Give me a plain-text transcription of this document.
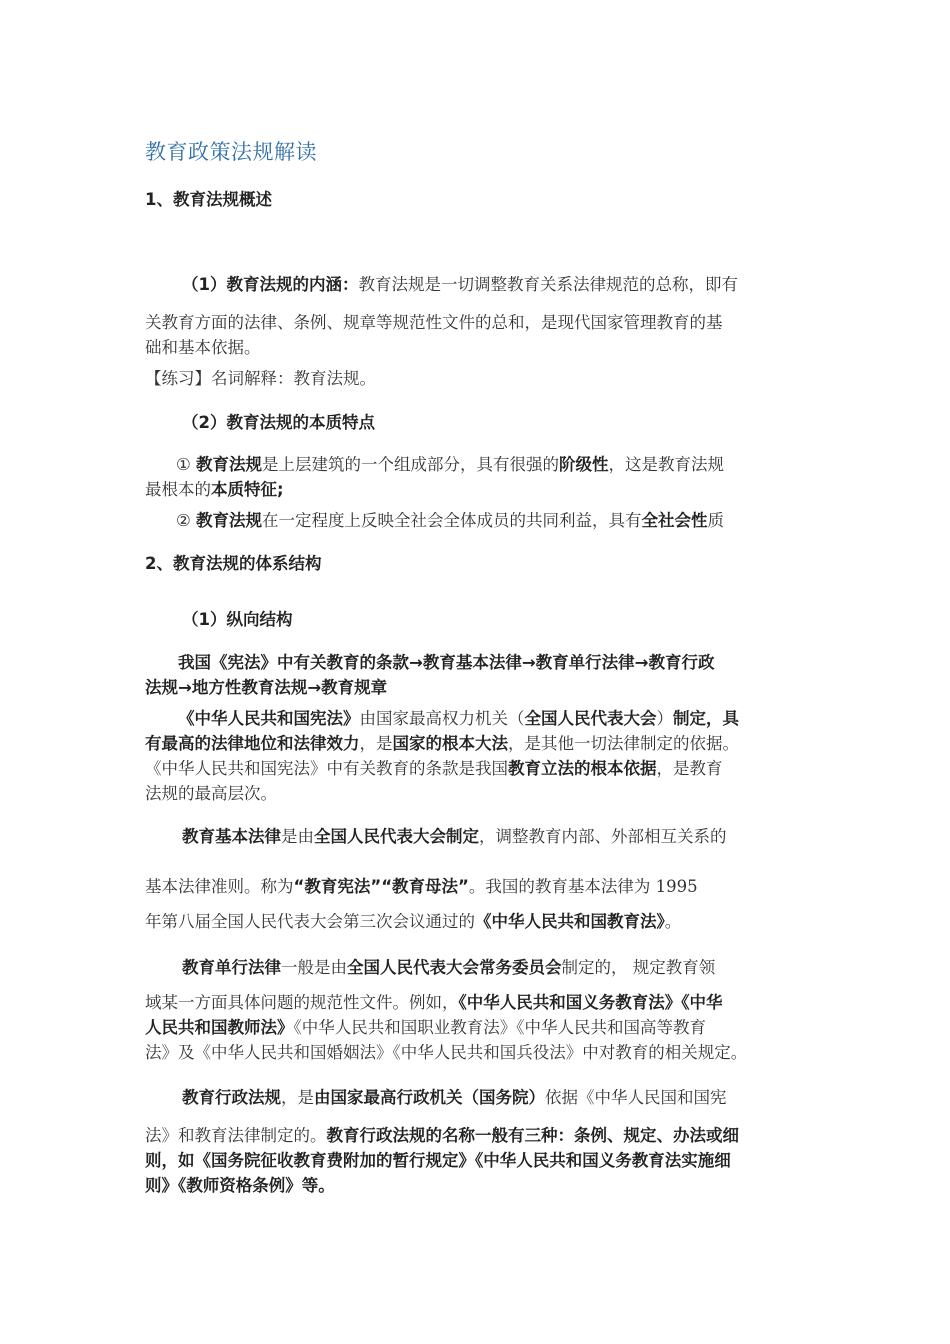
教育政策法规解读
1、教育法规概述
（1）教育法规的内涵：教育法规是一切调整教育关系法律规范的总称，即有
关教育方面的法律、条例、规章等规范性文件的总和，是现代国家管理教育的基
础和基本依据。
【练习】名词解释：教育法规。
（2）教育法规的本质特点
① 教育法规是上层建筑的一个组成部分，具有很强的阶级性，这是教育法规
最根本的本质特征;
② 教育法规在一定程度上反映全社会全体成员的共同利益，具有全社会性质
2、教育法规的体系结构
（1）纵向结构
我国《宪法》中有关教育的条款→教育基本法律→教育单行法律→教育行政
法规→地方性教育法规→教育规章
《中华人民共和国宪法》由国家最高权力机关（全国人民代表大会）制定，具
有最高的法律地位和法律效力，是国家的根本大法，是其他一切法律制定的依据。
《中华人民共和国宪法》中有关教育的条款是我国教育立法的根本依据，是教育
法规的最高层次。
教育基本法律是由全国人民代表大会制定，调整教育内部、外部相互关系的
基本法律准则。称为“教育宪法”“教育母法”。我国的教育基本法律为 1995
年第八届全国人民代表大会第三次会议通过的《中华人民共和国教育法》。
教育单行法律一般是由全国人民代表大会常务委员会制定的， 规定教育领
域某一方面具体问题的规范性文件。例如，《中华人民共和国义务教育法》《中华
人民共和国教师法》《中华人民共和国职业教育法》《中华人民共和国高等教育
法》及《中华人民共和国婚姻法》《中华人民共和国兵役法》中对教育的相关规定。
教育行政法规，是由国家最高行政机关（国务院）依据《中华人民国和国宪
法》和教育法律制定的。教育行政法规的名称一般有三种：条例、规定、办法或细
则，如《国务院征收教育费附加的暂行规定》《中华人民共和国义务教育法实施细
则》《教师资格条例》等。
